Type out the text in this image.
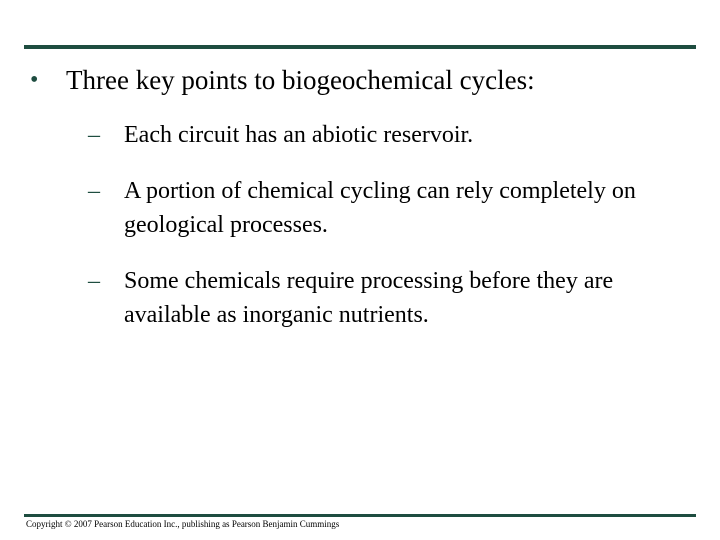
•	Three key points to biogeochemical cycles:
–	Each circuit has an abiotic reservoir.
–	A portion of chemical cycling can rely completely on geological processes.
–	Some chemicals require processing before they are available as inorganic nutrients.
Copyright © 2007 Pearson Education Inc., publishing as Pearson Benjamin Cummings
